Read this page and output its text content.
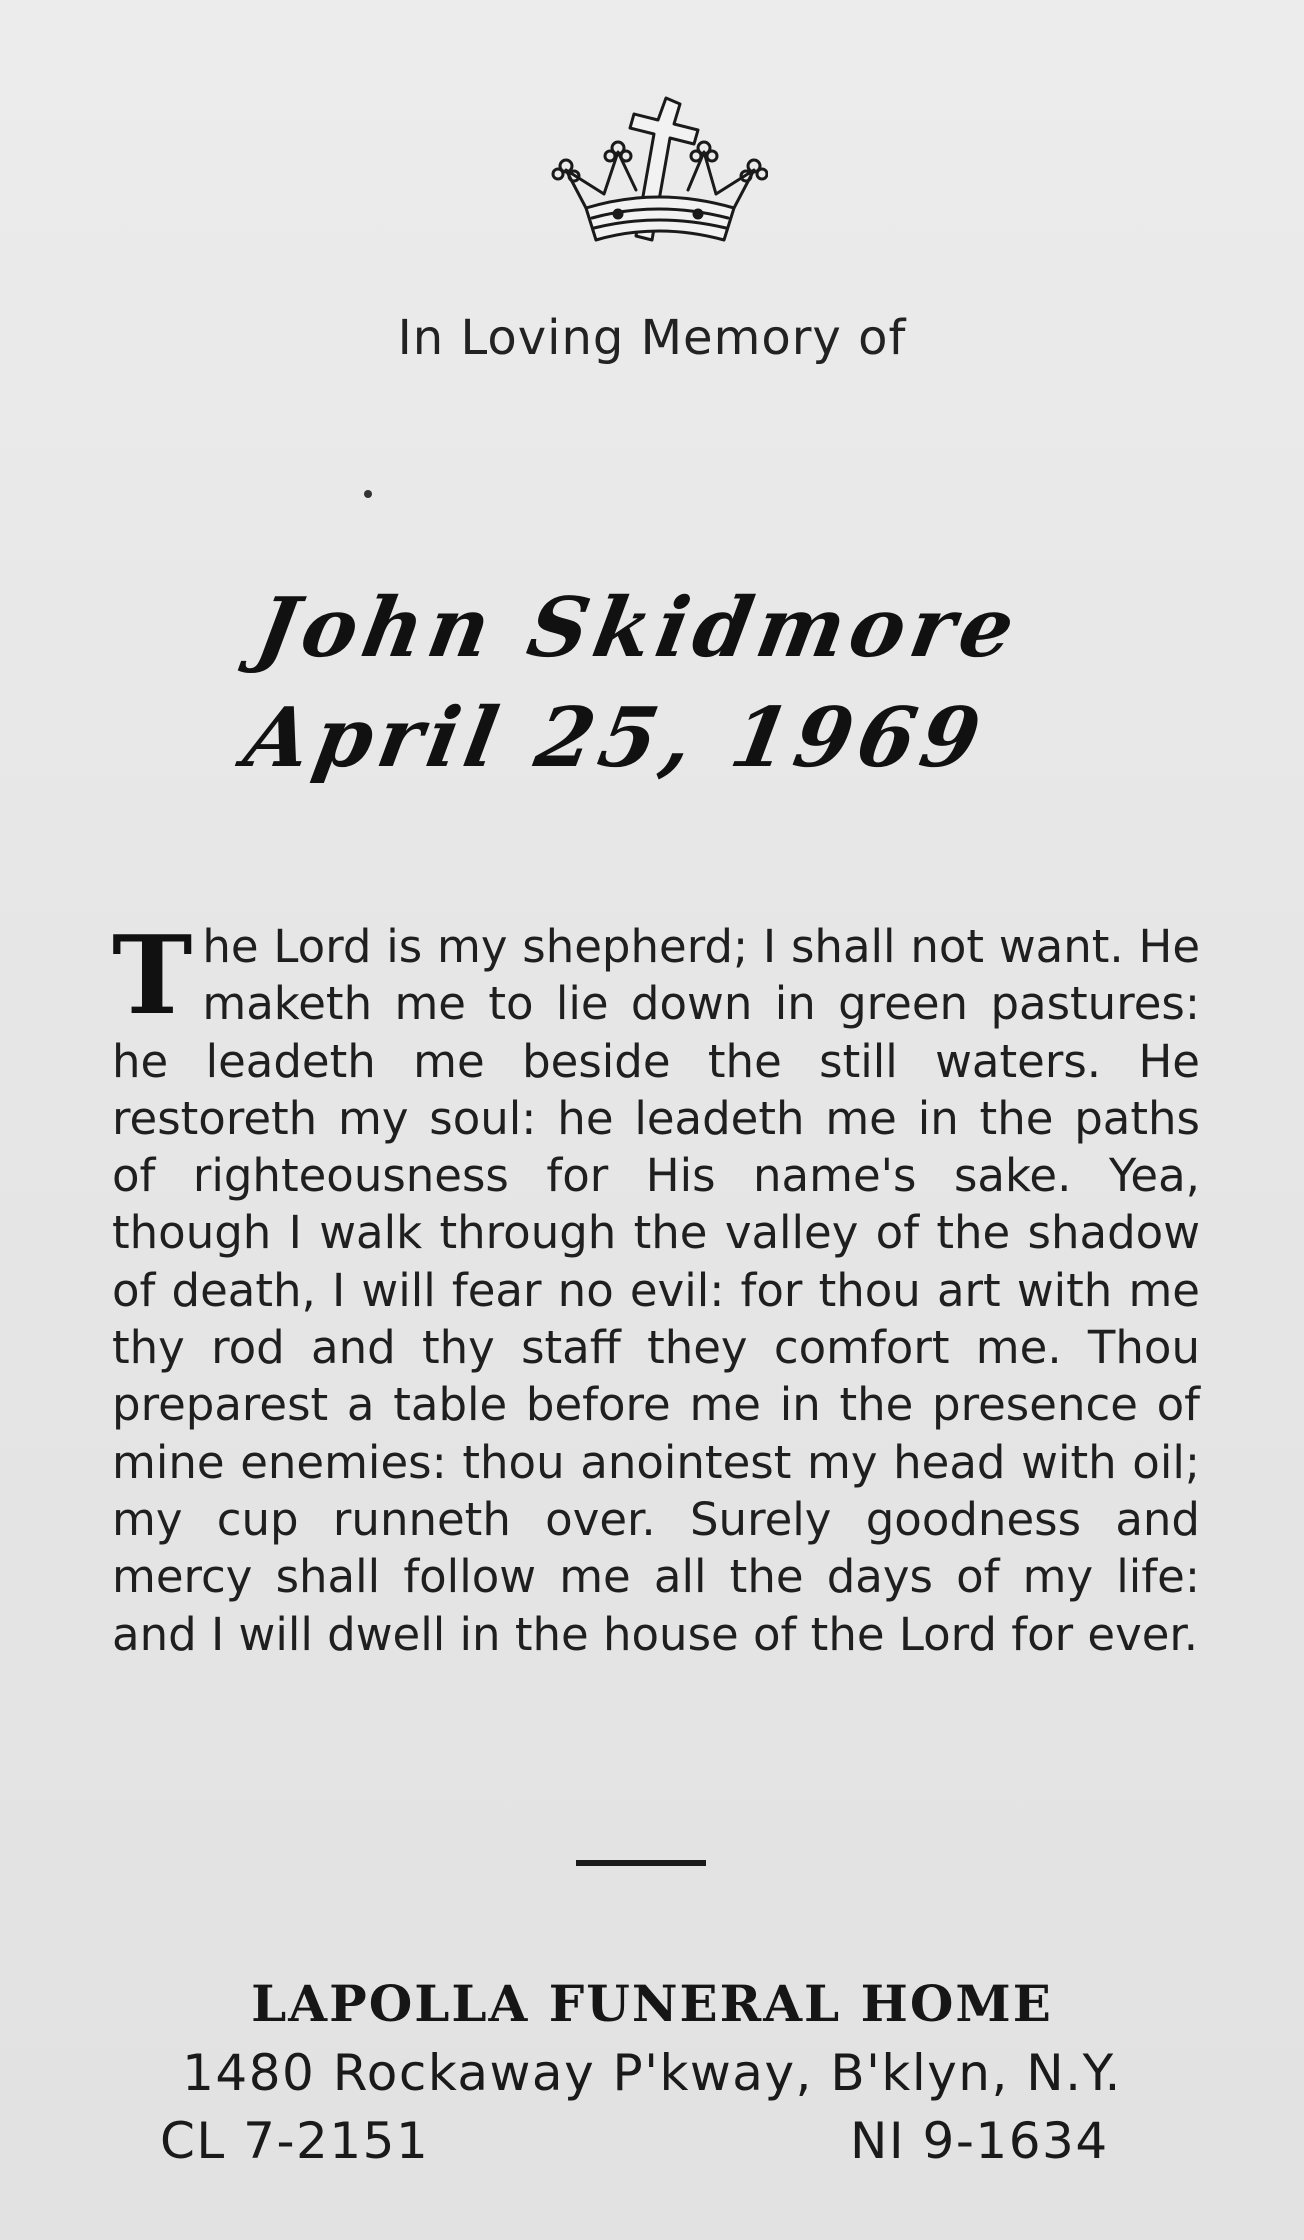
In Loving Memory of
John Skidmore
April 25, 1969
The Lord is my shepherd; I shall not want. He maketh me to lie down in green pastures: he leadeth me beside the still waters. He restoreth my soul: he leadeth me in the paths of righteousness for His name's sake. Yea, though I walk through the valley of the shadow of death, I will fear no evil: for thou art with me thy rod and thy staff they comfort me. Thou preparest a table before me in the presence of mine enemies: thou anointest my head with oil; my cup runneth over. Surely goodness and mercy shall follow me all the days of my life: and I will dwell in the house of the Lord for ever.
LAPOLLA FUNERAL HOME
1480 Rockaway P'kway, B'klyn, N.Y.
CL 7-2151	NI 9-1634
